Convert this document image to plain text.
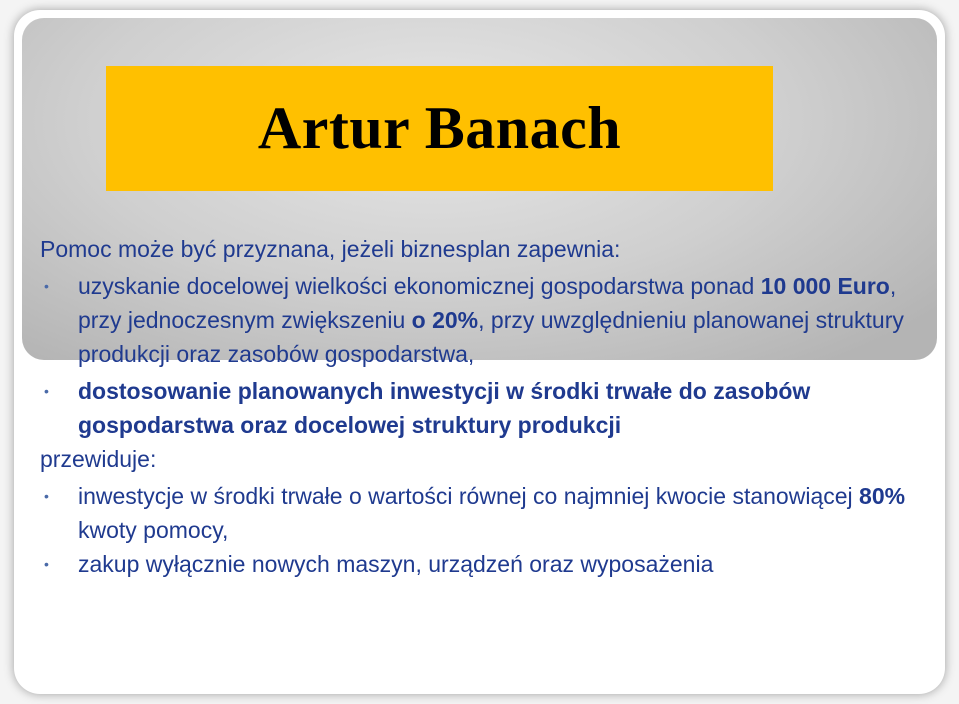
Artur Banach

Pomoc może być przyznana, jeżeli biznesplan zapewnia:

• uzyskanie docelowej wielkości ekonomicznej gospodarstwa ponad 10 000 Euro, przy jednoczesnym zwiększeniu o 20%, przy uwzględnieniu planowanej struktury produkcji oraz zasobów gospodarstwa,

• dostosowanie planowanych inwestycji w środki trwałe do zasobów gospodarstwa oraz docelowej struktury produkcji

przewiduje:

• inwestycje w środki trwałe o wartości równej co najmniej kwocie stanowiącej 80% kwoty pomocy,

• zakup wyłącznie nowych maszyn, urządzeń oraz wyposażenia
